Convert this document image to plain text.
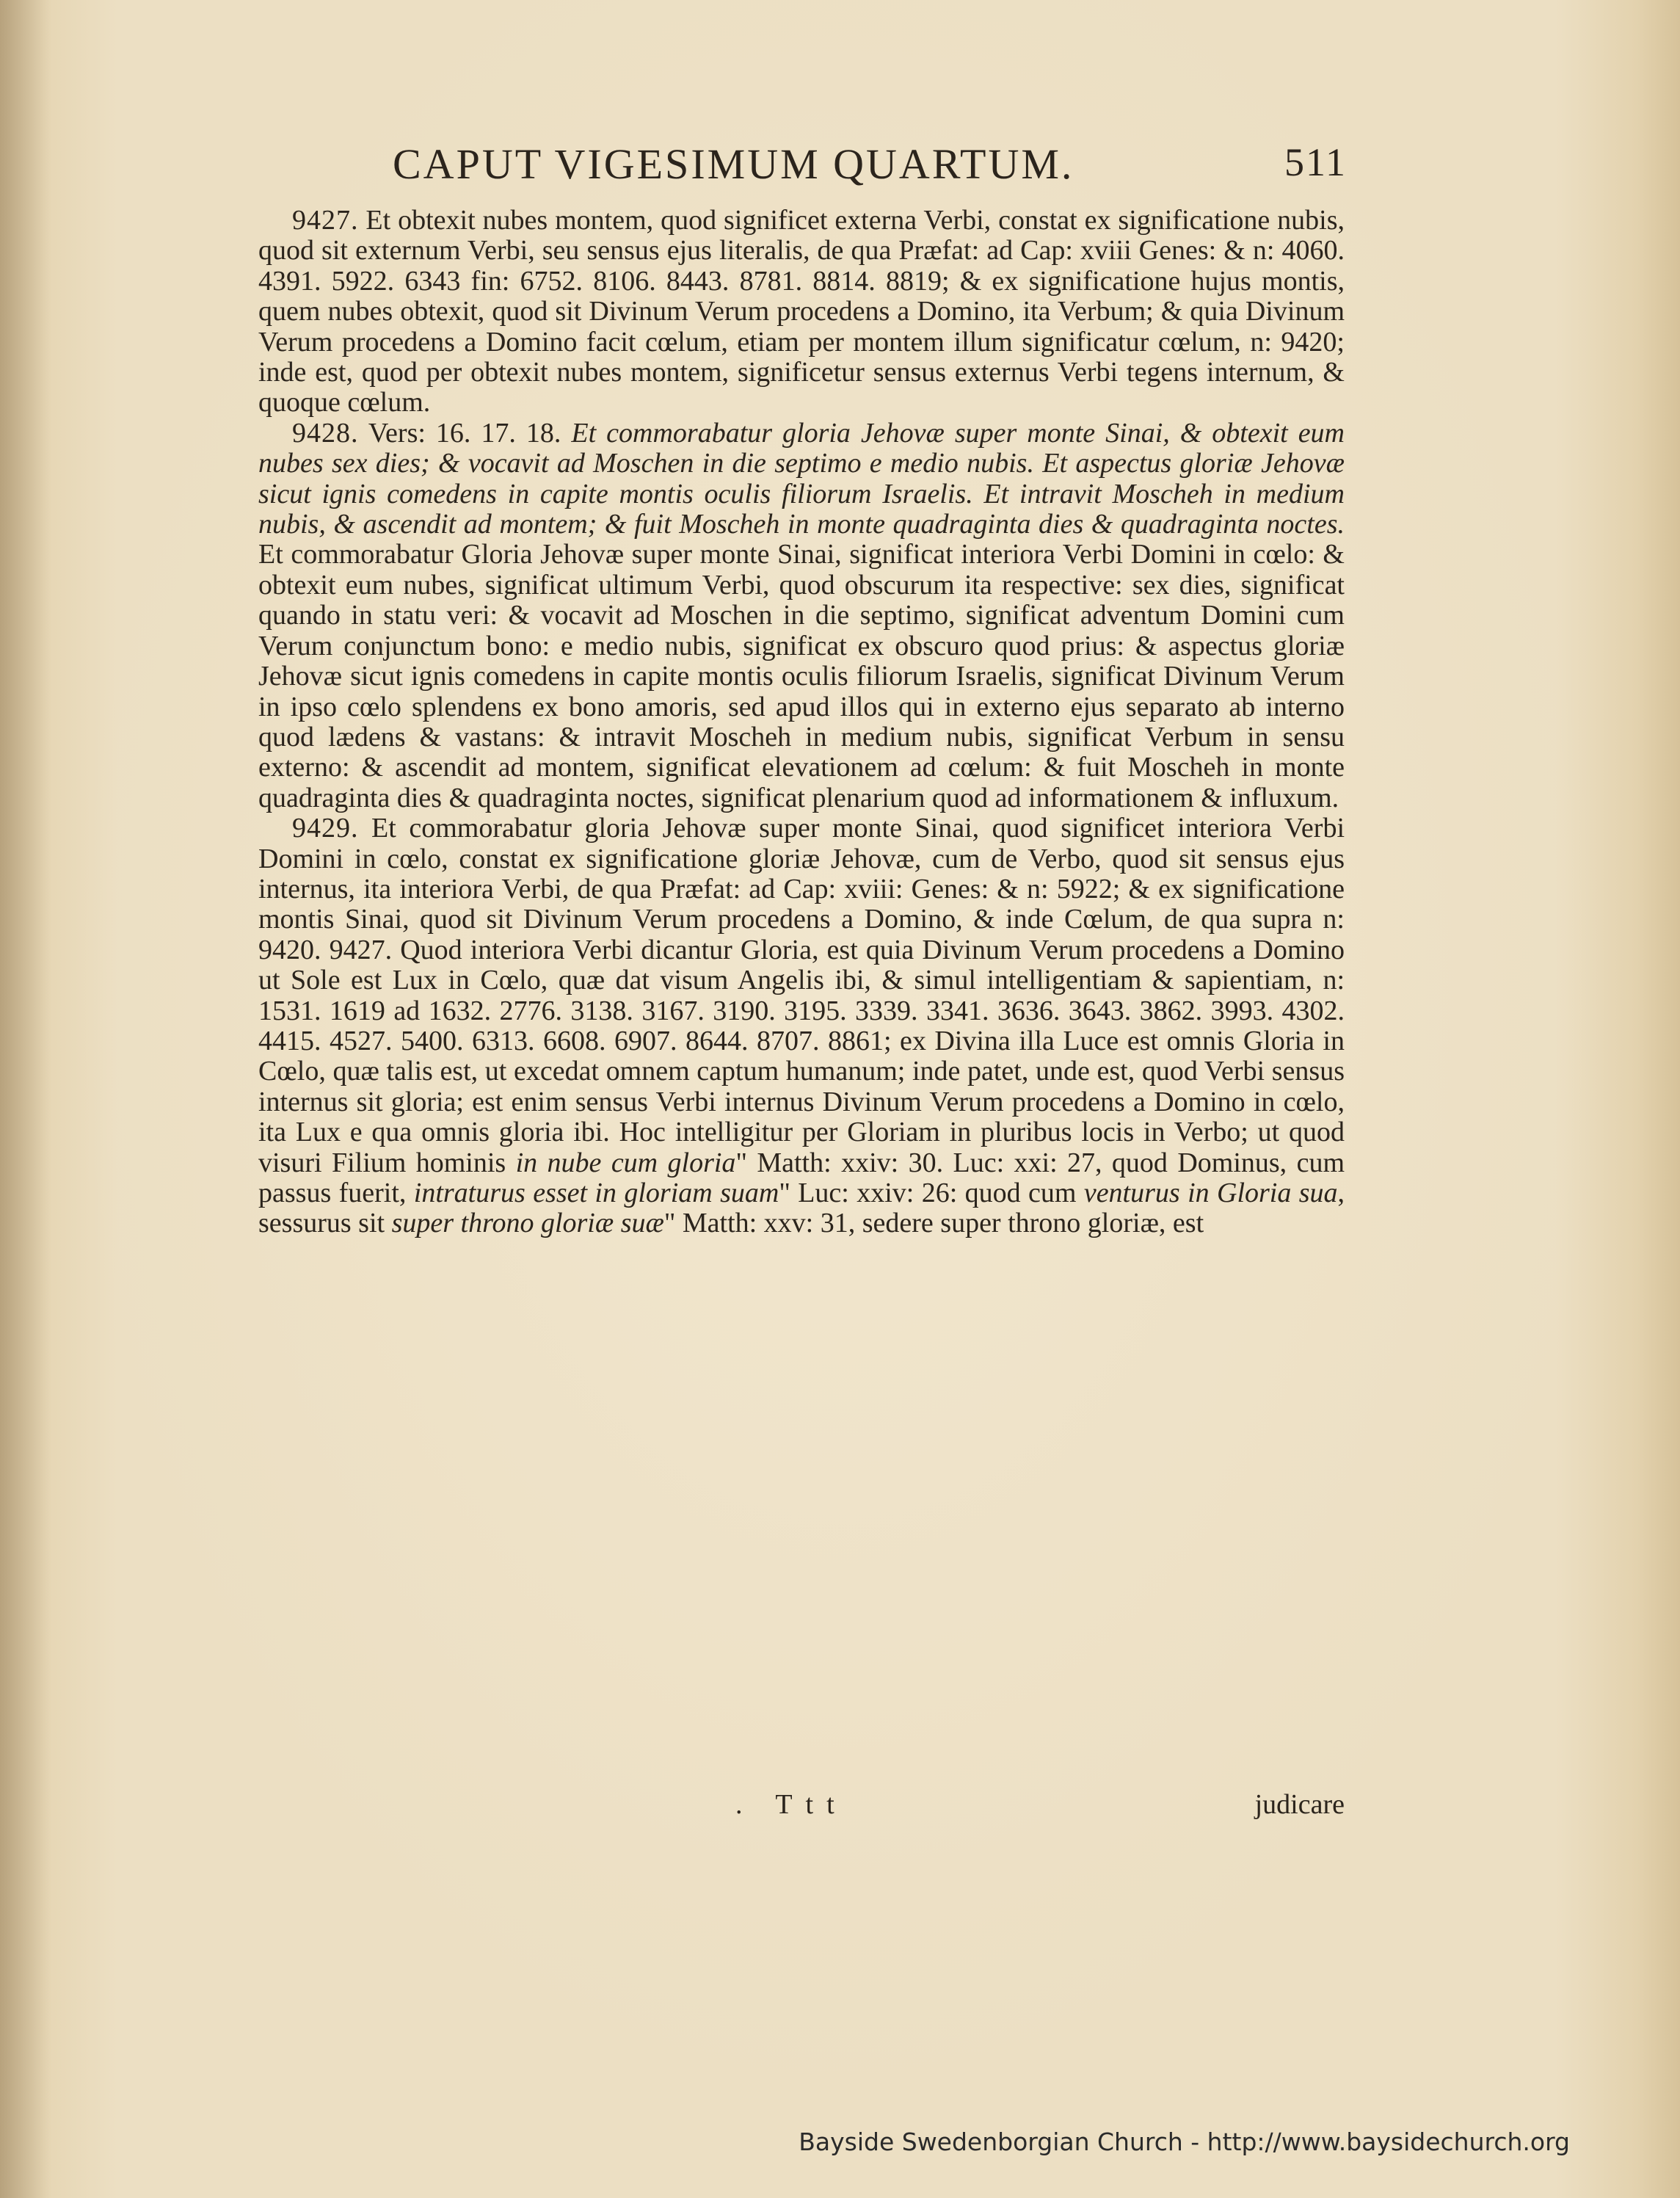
CAPUT VIGESIMUM QUARTUM.	511

9427. Et obtexit nubes montem, quod significet externa Verbi, constat ex significatione nubis, quod sit externum Verbi, seu sensus ejus literalis, de qua Præfat: ad Cap: xviii Genes: & n: 4060. 4391. 5922. 6343 fin: 6752. 8106. 8443. 8781. 8814. 8819; & ex significatione hujus montis, quem nubes obtexit, quod sit Divinum Verum procedens a Domino, ita Verbum; & quia Divinum Verum procedens a Domino facit cœlum, etiam per montem illum significatur cœlum, n: 9420; inde est, quod per obtexit nubes montem, significetur sensus externus Verbi tegens internum, & quoque cœlum.

9428. Vers: 16. 17. 18. Et commorabatur gloria Jehovæ super monte Sinai, & obtexit eum nubes sex dies; & vocavit ad Moschen in die septimo e medio nubis. Et aspectus gloriæ Jehovæ sicut ignis comedens in capite montis oculis filiorum Israelis. Et intravit Moscheh in medium nubis, & ascendit ad montem; & fuit Moscheh in monte quadraginta dies & quadraginta noctes. Et commorabatur Gloria Jehovæ super monte Sinai, significat interiora Verbi Domini in cœlo: & obtexit eum nubes, significat ultimum Verbi, quod obscurum ita respective: sex dies, significat quando in statu veri: & vocavit ad Moschen in die septimo, significat adventum Domini cum Verum conjunctum bono: e medio nubis, significat ex obscuro quod prius: & aspectus gloriæ Jehovæ sicut ignis comedens in capite montis oculis filiorum Israelis, significat Divinum Verum in ipso cœlo splendens ex bono amoris, sed apud illos qui in externo ejus separato ab interno quod lædens & vastans: & intravit Moscheh in medium nubis, significat Verbum in sensu externo: & ascendit ad montem, significat elevationem ad cœlum: & fuit Moscheh in monte quadraginta dies & quadraginta noctes, significat plenarium quod ad informationem & influxum.

9429. Et commorabatur gloria Jehovæ super monte Sinai, quod significet interiora Verbi Domini in cœlo, constat ex significatione gloriæ Jehovæ, cum de Verbo, quod sit sensus ejus internus, ita interiora Verbi, de qua Præfat: ad Cap: xviii: Genes: & n: 5922; & ex significatione montis Sinai, quod sit Divinum Verum procedens a Domino, & inde Cœlum, de qua supra n: 9420. 9427. Quod interiora Verbi dicantur Gloria, est quia Divinum Verum procedens a Domino ut Sole est Lux in Cœlo, quæ dat visum Angelis ibi, & simul intelligentiam & sapientiam, n: 1531. 1619 ad 1632. 2776. 3138. 3167. 3190. 3195. 3339. 3341. 3636. 3643. 3862. 3993. 4302. 4415. 4527. 5400. 6313. 6608. 6907. 8644. 8707. 8861; ex Divina illa Luce est omnis Gloria in Cœlo, quæ talis est, ut excedat omnem captum humanum; inde patet, unde est, quod Verbi sensus internus sit gloria; est enim sensus Verbi internus Divinum Verum procedens a Domino in cœlo, ita Lux e qua omnis gloria ibi. Hoc intelligitur per Gloriam in pluribus locis in Verbo; ut quod visuri Filium hominis in nube cum gloria" Matth: xxiv: 30. Luc: xxi: 27, quod Dominus, cum passus fuerit, intraturus esset in gloriam suam" Luc: xxiv: 26: quod cum venturus in Gloria sua, sessurus sit super throno gloriæ suæ" Matth: xxv: 31, sedere super throno gloriæ, est

. Ttt	judicare
Bayside Swedenborgian Church - http://www.baysidechurch.org
